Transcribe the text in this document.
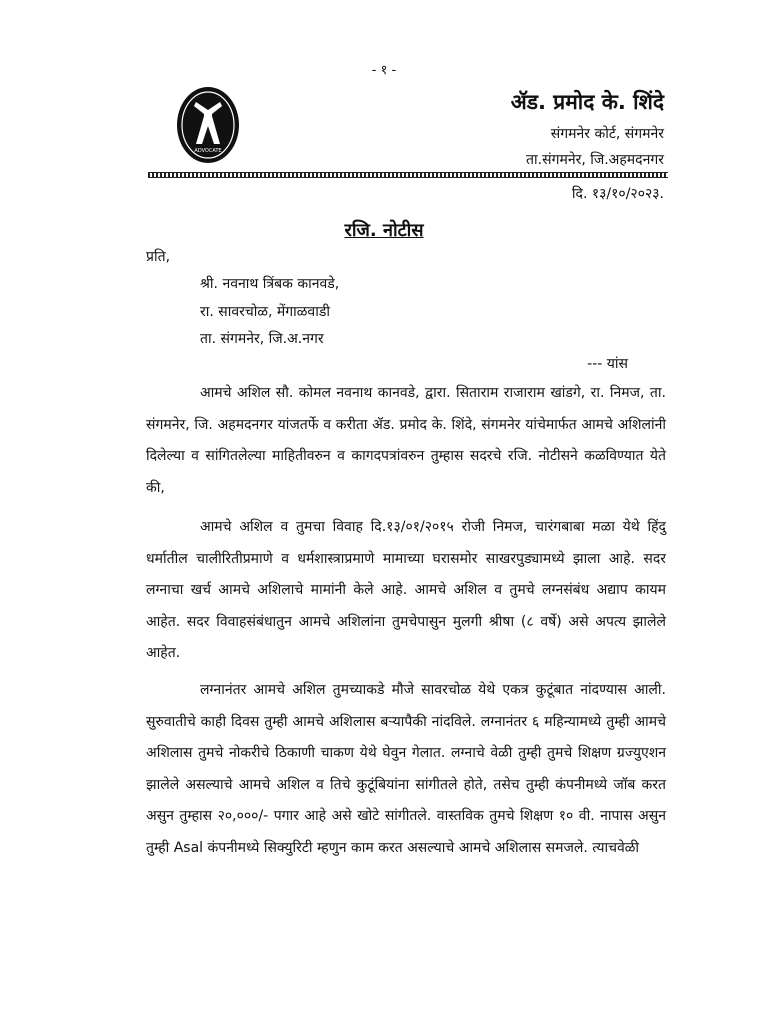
- १ -
ADVOCATE
ॲड. प्रमोद के. शिंदे
संगमनेर कोर्ट, संगमनेर
ता.संगमनेर, जि.अहमदनगर
दि. १३/१०/२०२३.
रजि. नोटीस
प्रति,
श्री. नवनाथ त्रिंबक कानवडे,
रा. सावरचोळ, मेंगाळवाडी
ता. संगमनेर, जि.अ.नगर
--- यांस

आमचे अशिल सौ. कोमल नवनाथ कानवडे, द्वारा. सिताराम राजाराम खांडगे, रा. निमज, ता. संगमनेर, जि. अहमदनगर यांजतर्फे व करीता ॲड. प्रमोद के. शिंदे, संगमनेर यांचेमार्फत आमचे अशिलांनी दिलेल्या व सांगितलेल्या माहितीवरुन व कागदपत्रांवरुन तुम्हास सदरचे रजि. नोटीसने कळविण्यात येते की,

आमचे अशिल व तुमचा विवाह दि.१३/०१/२०१५ रोजी निमज, चारंगबाबा मळा येथे हिंदु धर्मातील चालीरितीप्रमाणे व धर्मशास्त्राप्रमाणे मामाच्या घरासमोर साखरपुड्यामध्ये झाला आहे. सदर लग्नाचा खर्च आमचे अशिलाचे मामांनी केले आहे. आमचे अशिल व तुमचे लग्नसंबंध अद्याप कायम आहेत. सदर विवाहसंबंधातुन आमचे अशिलांना तुमचेपासुन मुलगी श्रीषा (८ वर्षे) असे अपत्य झालेले आहेत.

लग्नानंतर आमचे अशिल तुमच्याकडे मौजे सावरचोळ येथे एकत्र कुटूंबात नांदण्यास आली. सुरुवातीचे काही दिवस तुम्ही आमचे अशिलास बऱ्यापैकी नांदविले. लग्नानंतर ६ महिन्यामध्ये तुम्ही आमचे अशिलास तुमचे नोकरीचे ठिकाणी चाकण येथे घेवुन गेलात. लग्नाचे वेळी तुम्ही तुमचे शिक्षण ग्रज्युएशन झालेले असल्याचे आमचे अशिल व तिचे कुटूंबियांना सांगीतले होते, तसेच तुम्ही कंपनीमध्ये जॉब करत असुन तुम्हास २०,०००/- पगार आहे असे खोटे सांगीतले. वास्तविक तुमचे शिक्षण १० वी. नापास असुन तुम्ही Asal कंपनीमध्ये सिक्युरिटी म्हणुन काम करत असल्याचे आमचे अशिलास समजले. त्याचवेळी
